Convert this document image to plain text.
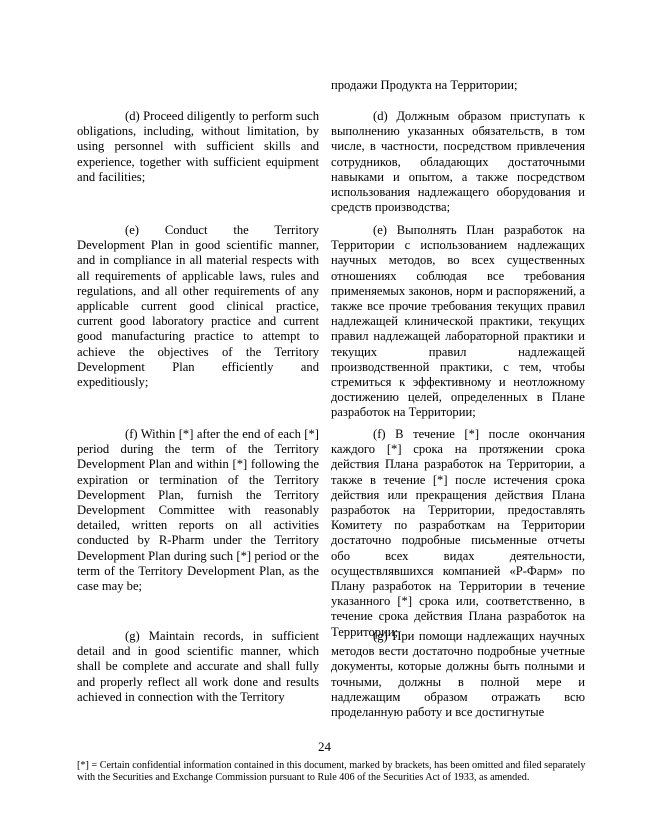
(d) Proceed diligently to perform such obligations, including, without limitation, by using personnel with sufficient skills and experience, together with sufficient equipment and facilities;

(e) Conduct the Territory Development Plan in good scientific manner, and in compliance in all material respects with all requirements of applicable laws, rules and regulations, and all other requirements of any applicable current good clinical practice, current good laboratory practice and current good manufacturing practice to attempt to achieve the objectives of the Territory Development Plan efficiently and expeditiously;

(f) Within [*] after the end of each [*] period during the term of the Territory Development Plan and within [*] following the expiration or termination of the Territory Development Plan, furnish the Territory Development Committee with reasonably detailed, written reports on all activities conducted by R-Pharm under the Territory Development Plan during such [*] period or the term of the Territory Development Plan, as the case may be;

(g) Maintain records, in sufficient detail and in good scientific manner, which shall be complete and accurate and shall fully and properly reflect all work done and results achieved in connection with the Territory

продажи Продукта на Территории;

(d) Должным образом приступать к выполнению указанных обязательств, в том числе, в частности, посредством привлечения сотрудников, обладающих достаточными навыками и опытом, а также посредством использования надлежащего оборудования и средств производства;

(e) Выполнять План разработок на Территории с использованием надлежащих научных методов, во всех существенных отношениях соблюдая все требования применяемых законов, норм и распоряжений, а также все прочие требования текущих правил надлежащей клинической практики, текущих правил надлежащей лабораторной практики и текущих правил надлежащей производственной практики, с тем, чтобы стремиться к эффективному и неотложному достижению целей, определенных в Плане разработок на Территории;

(f) В течение [*] после окончания каждого [*] срока на протяжении срока действия Плана разработок на Территории, а также в течение [*] после истечения срока действия или прекращения действия Плана разработок на Территории, предоставлять Комитету по разработкам на Территории достаточно подробные письменные отчеты обо всех видах деятельности, осуществлявшихся компанией «Р-Фарм» по Плану разработок на Территории в течение указанного [*] срока или, соответственно, в течение срока действия Плана разработок на Территории;

(g) При помощи надлежащих научных методов вести достаточно подробные учетные документы, которые должны быть полными и точными, должны в полной мере и надлежащим образом отражать всю проделанную работу и все достигнутые

24
[*] = Certain confidential information contained in this document, marked by brackets, has been omitted and filed separately with the Securities and Exchange Commission pursuant to Rule 406 of the Securities Act of 1933, as amended.
